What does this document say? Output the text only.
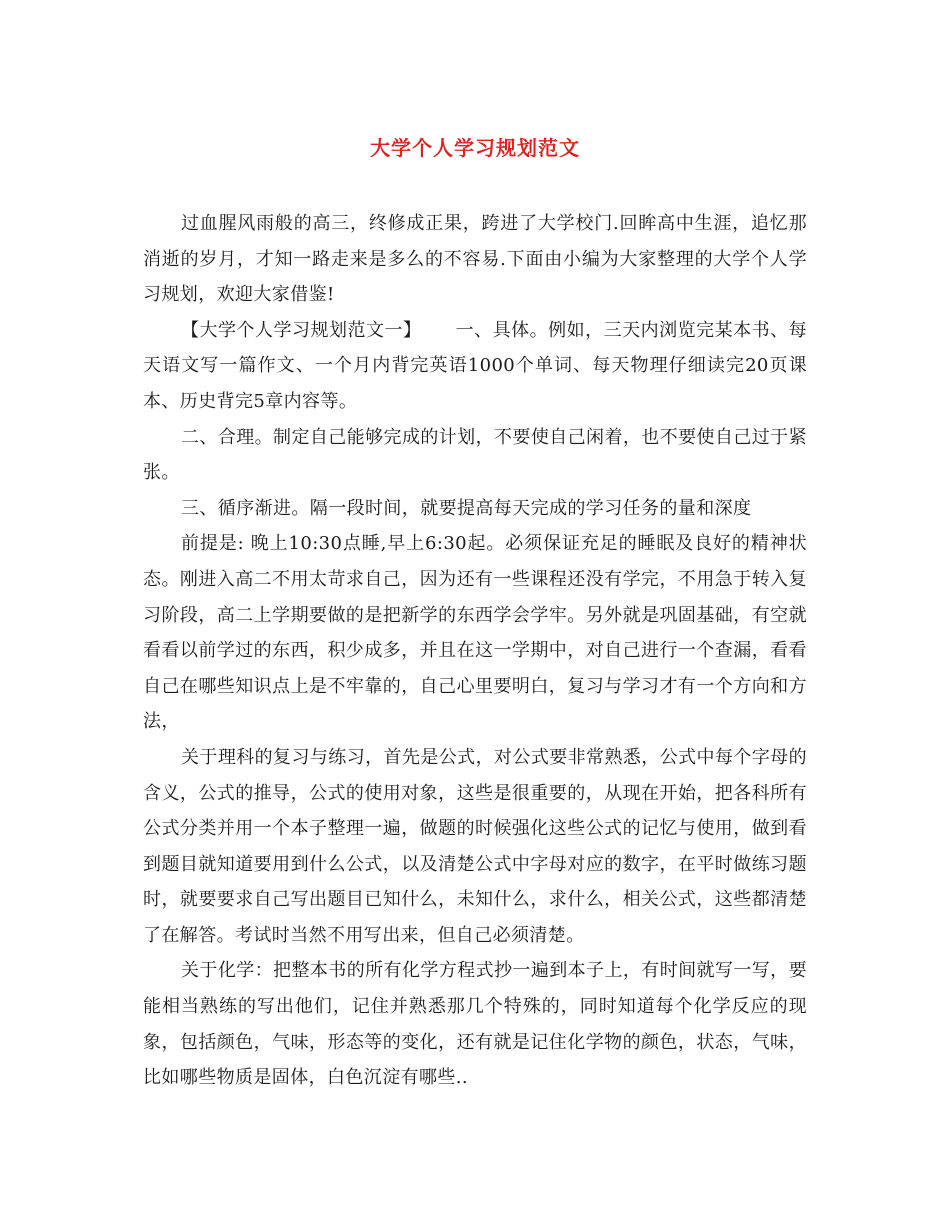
大学个人学习规划范文

过血腥风雨般的高三，终修成正果，跨进了大学校门.回眸高中生涯，追忆那消逝的岁月，才知一路走来是多么的不容易.下面由小编为大家整理的大学个人学习规划，欢迎大家借鉴!

【大学个人学习规划范文一】 一、具体。例如，三天内浏览完某本书、每天语文写一篇作文、一个月内背完英语1000个单词、每天物理仔细读完20页课本、历史背完5章内容等。

二、合理。制定自己能够完成的计划，不要使自己闲着，也不要使自己过于紧张。

三、循序渐进。隔一段时间，就要提高每天完成的学习任务的量和深度

前提是: 晚上10:30点睡,早上6:30起。必须保证充足的睡眠及良好的精神状态。刚进入高二不用太苛求自己，因为还有一些课程还没有学完，不用急于转入复习阶段，高二上学期要做的是把新学的东西学会学牢。另外就是巩固基础，有空就看看以前学过的东西，积少成多，并且在这一学期中，对自己进行一个查漏，看看自己在哪些知识点上是不牢靠的，自己心里要明白，复习与学习才有一个方向和方法，

关于理科的复习与练习，首先是公式，对公式要非常熟悉，公式中每个字母的含义，公式的推导，公式的使用对象，这些是很重要的，从现在开始，把各科所有公式分类并用一个本子整理一遍，做题的时候强化这些公式的记忆与使用，做到看到题目就知道要用到什么公式，以及清楚公式中字母对应的数字，在平时做练习题时，就要要求自己写出题目已知什么，未知什么，求什么，相关公式，这些都清楚了在解答。考试时当然不用写出来，但自己必须清楚。

关于化学：把整本书的所有化学方程式抄一遍到本子上，有时间就写一写，要能相当熟练的写出他们，记住并熟悉那几个特殊的，同时知道每个化学反应的现象，包括颜色，气味，形态等的变化，还有就是记住化学物的颜色，状态，气味，比如哪些物质是固体，白色沉淀有哪些..
